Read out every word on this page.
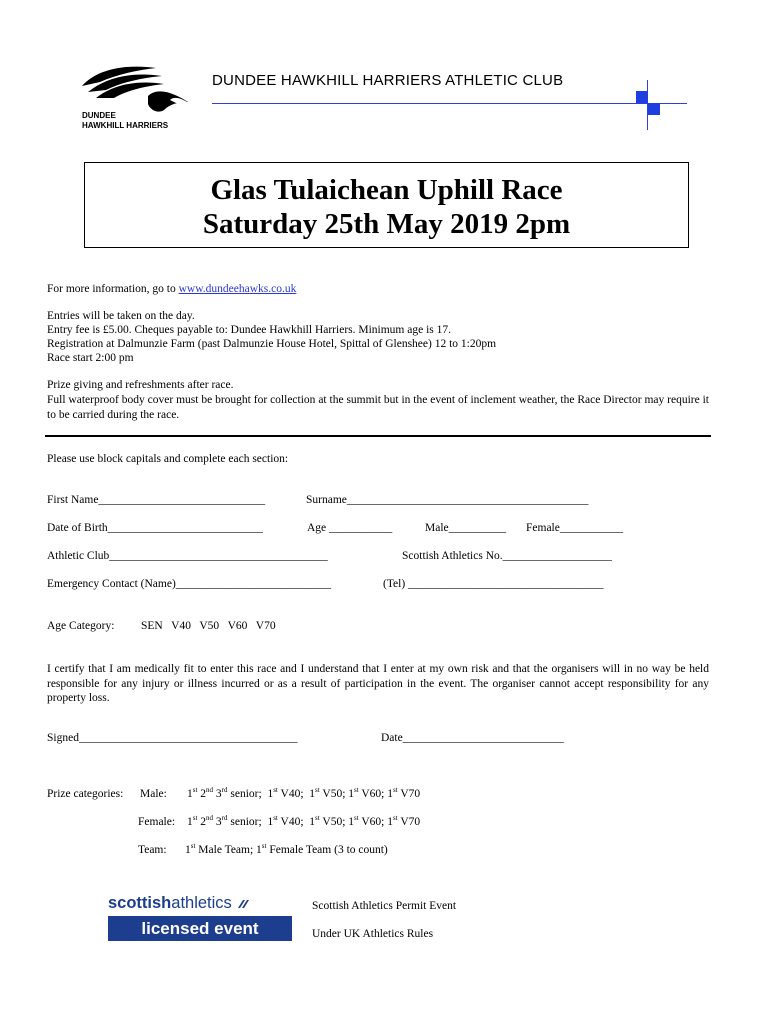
DUNDEE
HAWKHILL HARRIERS
DUNDEE HAWKHILL HARRIERS ATHLETIC CLUB
Glas Tulaichean Uphill Race
Saturday 25th May 2019 2pm
For more information, go to www.dundeehawks.co.uk
Entries will be taken on the day.
Entry fee is £5.00. Cheques payable to: Dundee Hawkhill Harriers. Minimum age is 17.
Registration at Dalmunzie Farm (past Dalmunzie House Hotel, Spittal of Glenshee) 12 to 1:20pm
Race start 2:00 pm
Prize giving and refreshments after race.
Full waterproof body cover must be brought for collection at the summit but in the event of inclement weather, the Race Director may require it to be carried during the race.
Please use block capitals and complete each section:
First Name_____________________________	Surname__________________________________________
Date of Birth___________________________	Age ___________	Male__________ Female___________
Athletic Club______________________________________	Scottish Athletics No.___________________
Emergency Contact (Name)___________________________	(Tel) __________________________________
Age Category: SEN   V40   V50   V60   V70
I certify that I am medically fit to enter this race and I understand that I enter at my own risk and that the organisers will in no way be held responsible for any injury or illness incurred or as a result of participation in the event. The organiser cannot accept responsibility for any property loss.
Signed______________________________________	Date____________________________
Prize categories: Male: 1st 2nd 3rd senior; 1st V40; 1st V50; 1st V60; 1st V70
Female: 1st 2nd 3rd senior; 1st V40; 1st V50; 1st V60; 1st V70
Team: 1st Male Team; 1st Female Team (3 to count)
scottishathletics
licensed event
Scottish Athletics Permit Event
Under UK Athletics Rules
